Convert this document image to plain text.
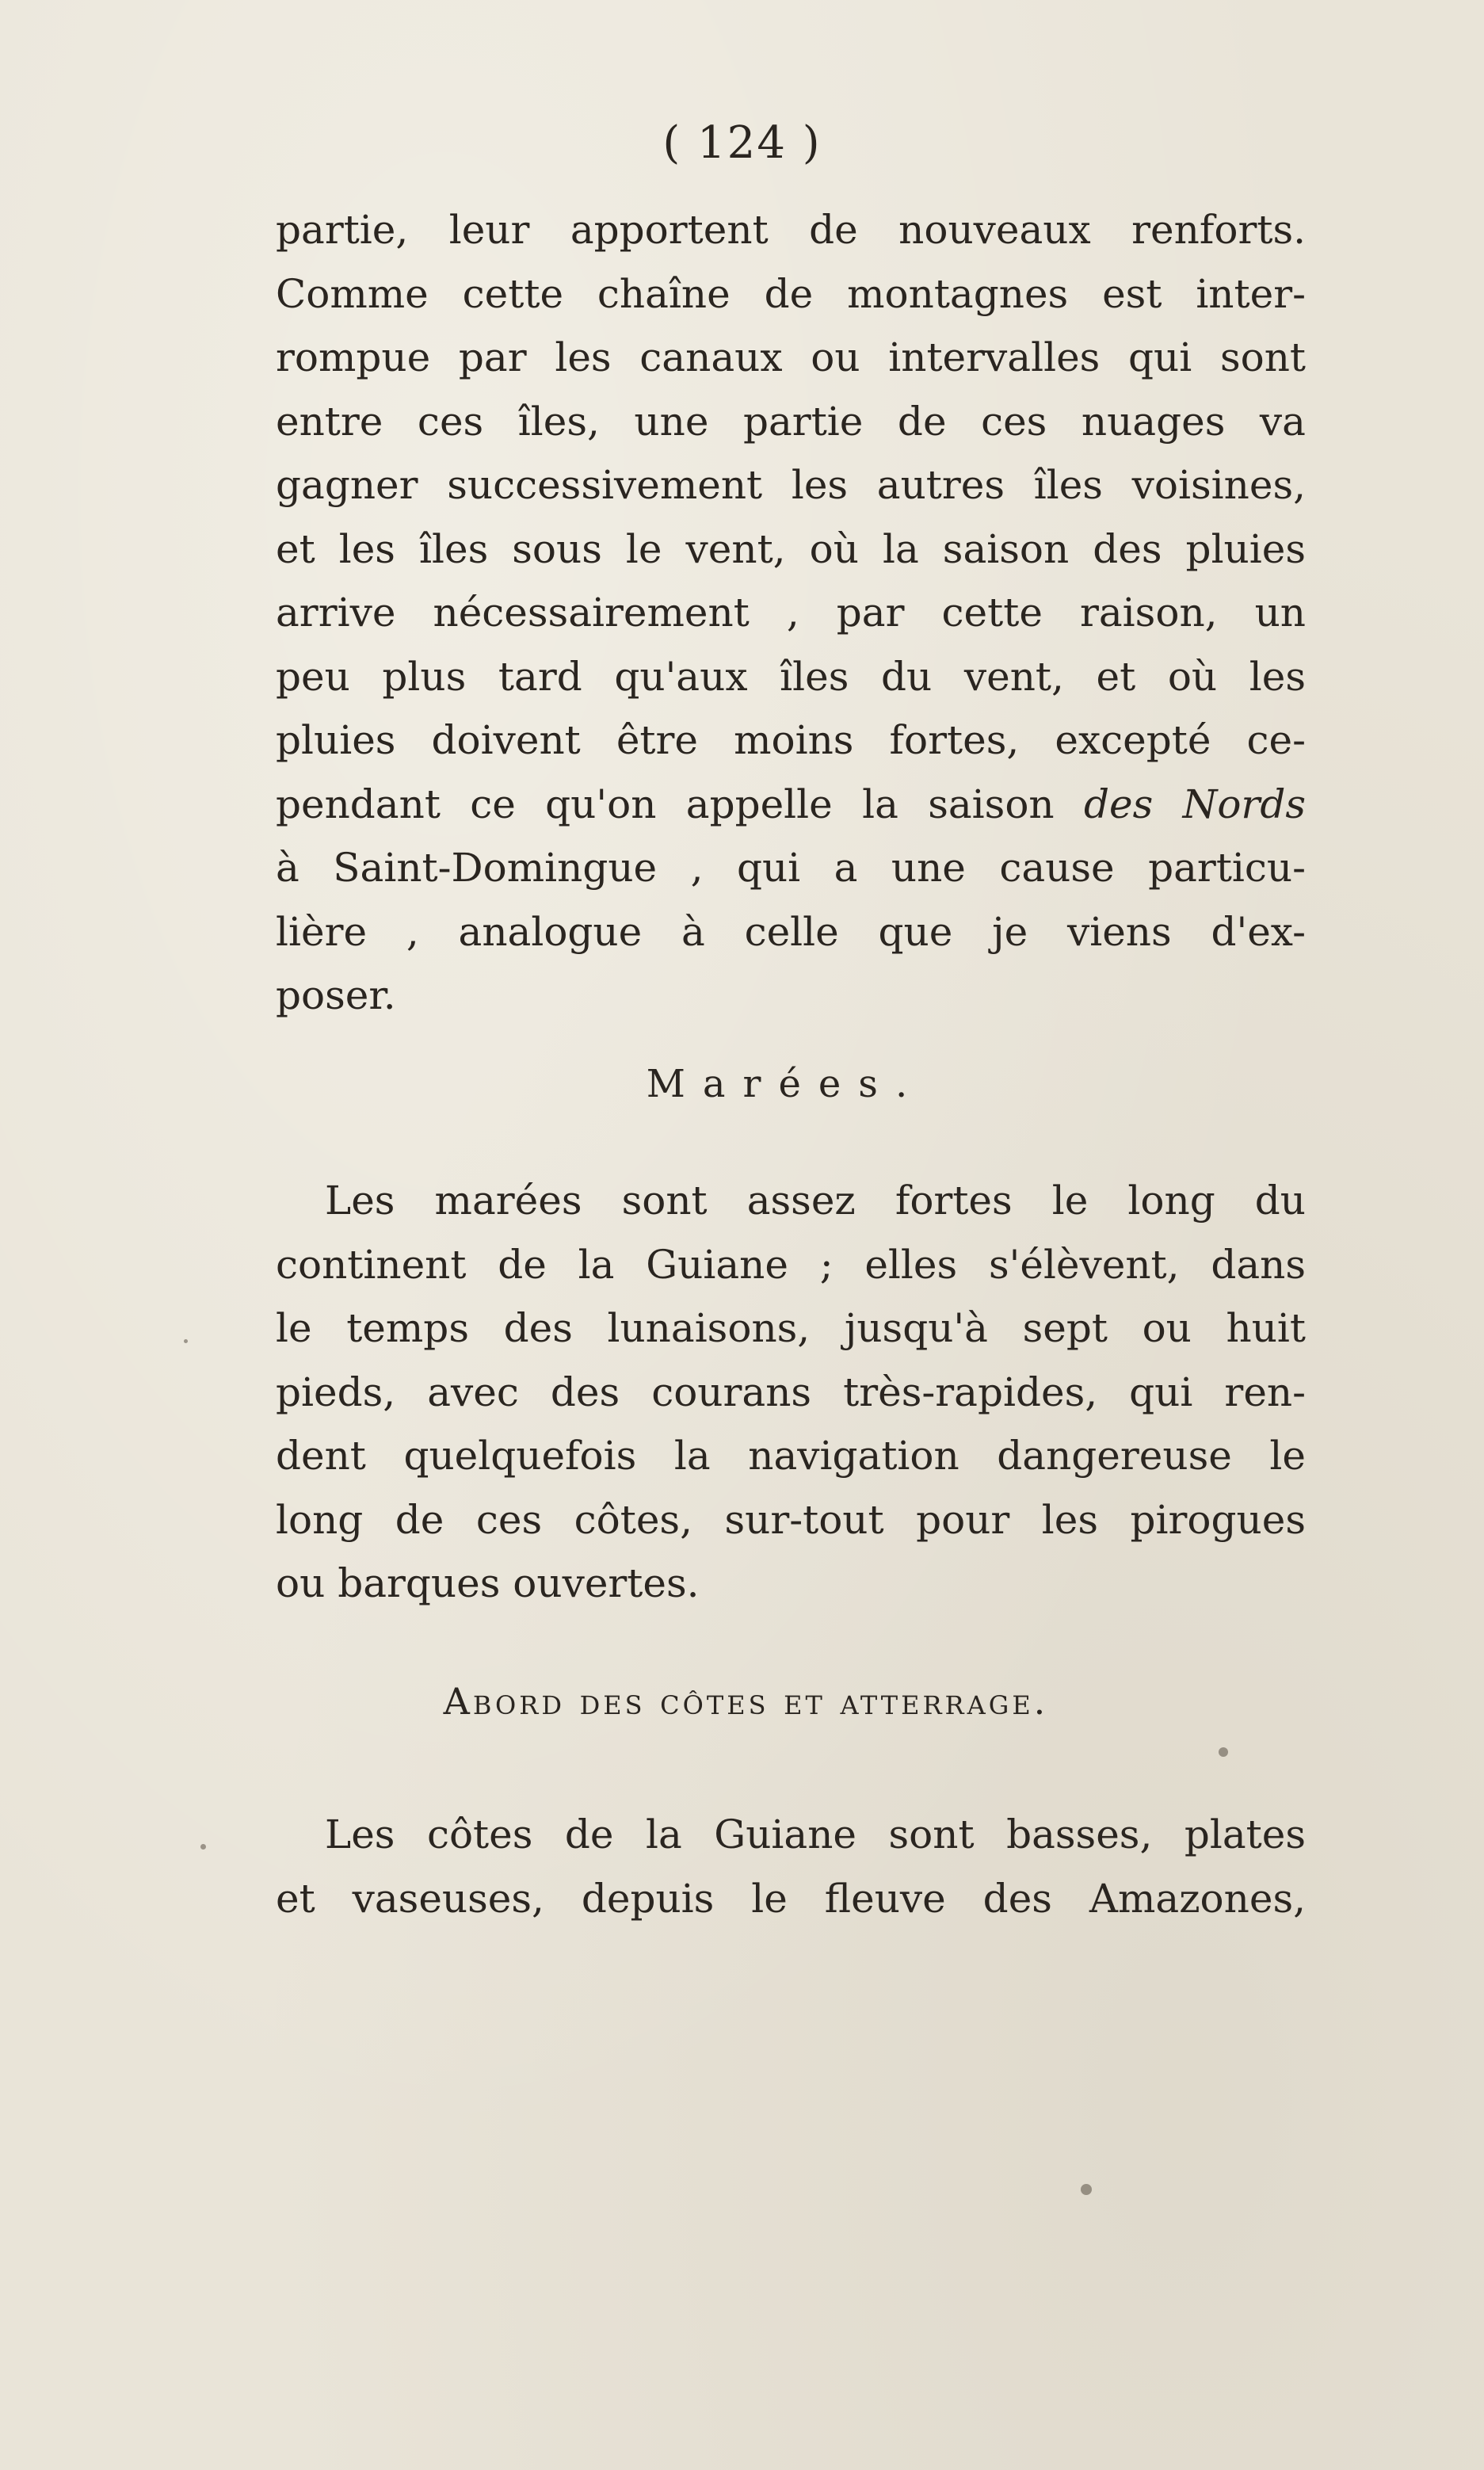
( 124 )
partie, leur apportent de nouveaux renforts.
Comme cette chaîne de montagnes est inter-
rompue par les canaux ou intervalles qui sont
entre ces îles, une partie de ces nuages va
gagner successivement les autres îles voisines,
et les îles sous le vent, où la saison des pluies
arrive nécessairement , par cette raison, un
peu plus tard qu'aux îles du vent, et où les
pluies doivent être moins fortes, excepté ce-
pendant ce qu'on appelle la saison des Nords
à Saint-Domingue , qui a une cause particu-
lière , analogue à celle que je viens d'ex-
poser.
Marées.
Les marées sont assez fortes le long du
continent de la Guiane ; elles s'élèvent, dans
le temps des lunaisons, jusqu'à sept ou huit
pieds, avec des courans très-rapides, qui ren-
dent quelquefois la navigation dangereuse le
long de ces côtes, sur-tout pour les pirogues
ou barques ouvertes.
Abord des côtes et atterrage.
Les côtes de la Guiane sont basses, plates
et vaseuses, depuis le fleuve des Amazones,
